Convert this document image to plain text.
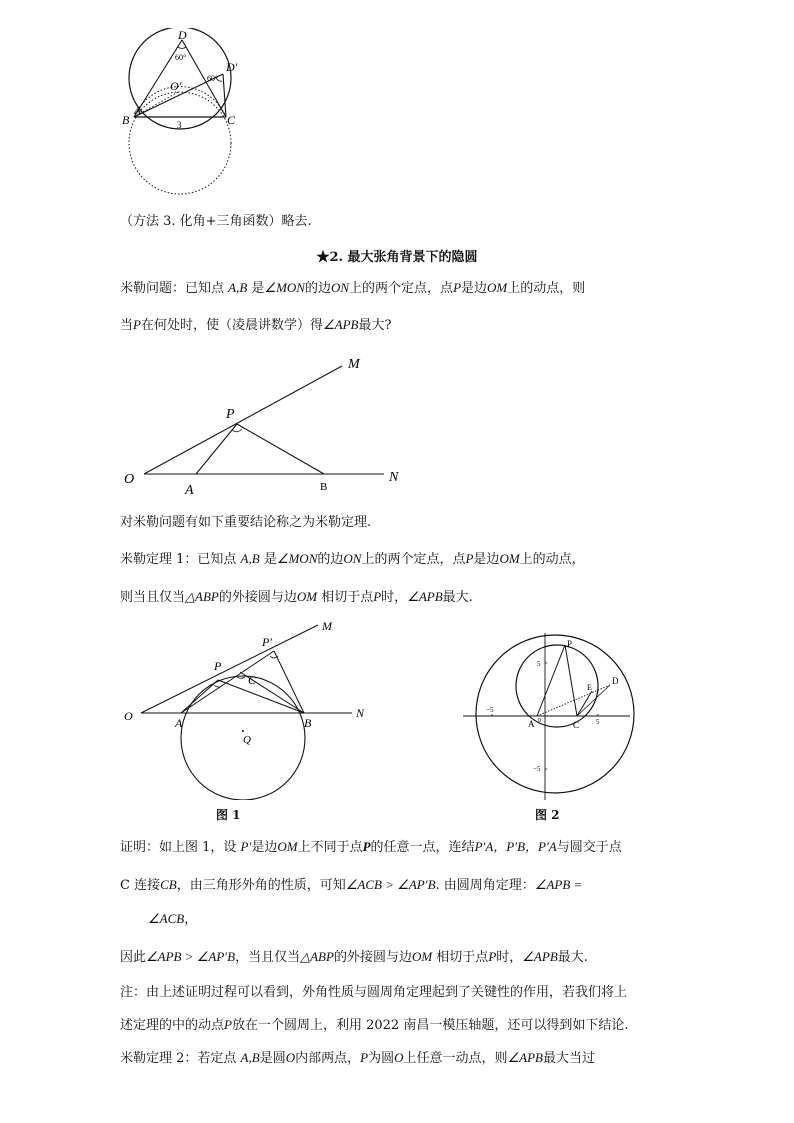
D
D′
O′
A
B	C
60°
60°
3
（方法 3. 化角+三角函数）略去.
★2. 最大张角背景下的隐圆
米勒问题：已知点 A,B 是∠MON的边ON上的两个定点，点P是边OM上的动点，则
当P在何处时，使（凌晨讲数学）得∠APB最大?
M
P
O
A	B
N
对米勒问题有如下重要结论称之为米勒定理.
米勒定理 1：已知点 A,B 是∠MON的边ON上的两个定点，点P是边OM上的动点，
则当且仅当△ABP的外接圆与边OM 相切于点P时，∠APB最大.
P′
M
P
C
O	A	B
N
Q
P
E
D
A	C
−5
5
5
−5
0
图 1	图 2
证明：如上图 1，设 P′是边OM上不同于点P的任意一点，连结P′A，P′B，P′A与圆交于点
C 连接CB，由三角形外角的性质，可知∠ACB > ∠AP′B. 由圆周角定理：∠APB =
∠ACB，
因此∠APB > ∠AP′B，当且仅当△ABP的外接圆与边OM 相切于点P时，∠APB最大.
注：由上述证明过程可以看到，外角性质与圆周角定理起到了关键性的作用，若我们将上
述定理的中的动点P放在一个圆周上，利用 2022 南昌一模压轴题，还可以得到如下结论.
米勒定理 2：若定点 A,B是圆O内部两点，P为圆O上任意一动点，则∠APB最大当过
